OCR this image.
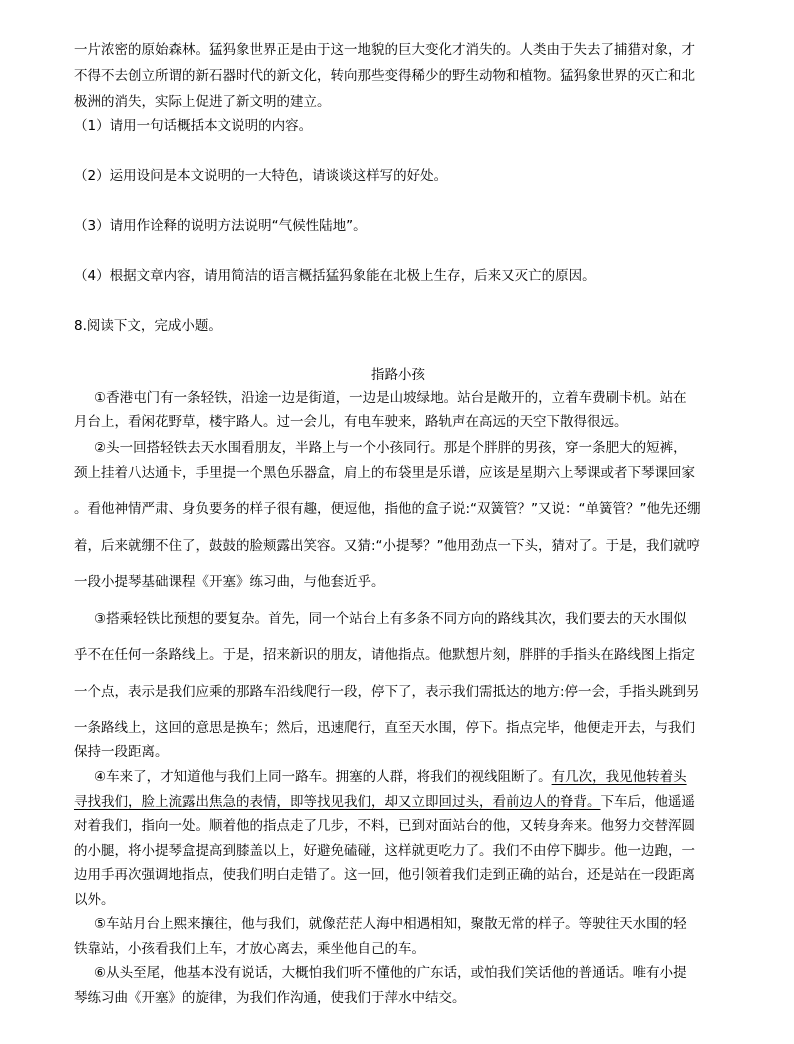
一片浓密的原始森林。猛犸象世界正是由于这一地貌的巨大变化才消失的。人类由于失去了捕猎对象，才
不得不去创立所谓的新石器时代的新文化，转向那些变得稀少的野生动物和植物。猛犸象世界的灭亡和北
极洲的消失，实际上促进了新文明的建立。
（1）请用一句话概括本文说明的内容。
（2）运用设问是本文说明的一大特色，请谈谈这样写的好处。
（3）请用作诠释的说明方法说明“气候性陆地”。
（4）根据文章内容，请用简洁的语言概括猛犸象能在北极上生存，后来又灭亡的原因。
8.阅读下文，完成小题。
指路小孩
①香港屯门有一条轻铁，沿途一边是街道，一边是山坡绿地。站台是敞开的，立着车费刷卡机。站在
月台上，看闲花野草，楼宇路人。过一会儿，有电车驶来，路轨声在高远的天空下散得很远。
②头一回搭轻铁去天水围看朋友，半路上与一个小孩同行。那是个胖胖的男孩，穿一条肥大的短裤，
颈上挂着八达通卡，手里提一个黑色乐器盒，肩上的布袋里是乐谱，应该是星期六上琴课或者下琴课回家
。看他神情严肃、身负要务的样子很有趣，便逗他，指他的盒子说:“双簧管？”又说：“单簧管？”他先还绷
着，后来就绷不住了，鼓鼓的脸颊露出笑容。又猜:“小提琴？”他用劲点一下头，猜对了。于是，我们就哼
一段小提琴基础课程《开塞》练习曲，与他套近乎。
③搭乘轻铁比预想的要复杂。首先，同一个站台上有多条不同方向的路线其次，我们要去的天水围似
乎不在任何一条路线上。于是，招来新识的朋友，请他指点。他默想片刻，胖胖的手指头在路线图上指定
一个点，表示是我们应乘的那路车沿线爬行一段，停下了，表示我们需抵达的地方:停一会，手指头跳到另
一条路线上，这回的意思是换车；然后，迅速爬行，直至天水围，停下。指点完毕，他便走开去，与我们
保持一段距离。
④车来了，才知道他与我们上同一路车。拥塞的人群，将我们的视线阻断了。有几次，我见他转着头
寻找我们，脸上流露出焦急的表情，即等找见我们，却又立即回过头，看前边人的脊背。下车后，他遥遥
对着我们，指向一处。顺着他的指点走了几步，不料，已到对面站台的他，又转身奔来。他努力交替浑圆
的小腿，将小提琴盒提高到膝盖以上，好避免磕碰，这样就更吃力了。我们不由停下脚步。他一边跑，一
边用手再次强调地指点，使我们明白走错了。这一回，他引领着我们走到正确的站台，还是站在一段距离
以外。
⑤车站月台上熙来攘往，他与我们，就像茫茫人海中相遇相知，聚散无常的样子。等驶往天水围的轻
铁靠站，小孩看我们上车，才放心离去，乘坐他自己的车。
⑥从头至尾，他基本没有说话，大概怕我们听不懂他的广东话，或怕我们笑话他的普通话。唯有小提
琴练习曲《开塞》的旋律，为我们作沟通，使我们于萍水中结交。
